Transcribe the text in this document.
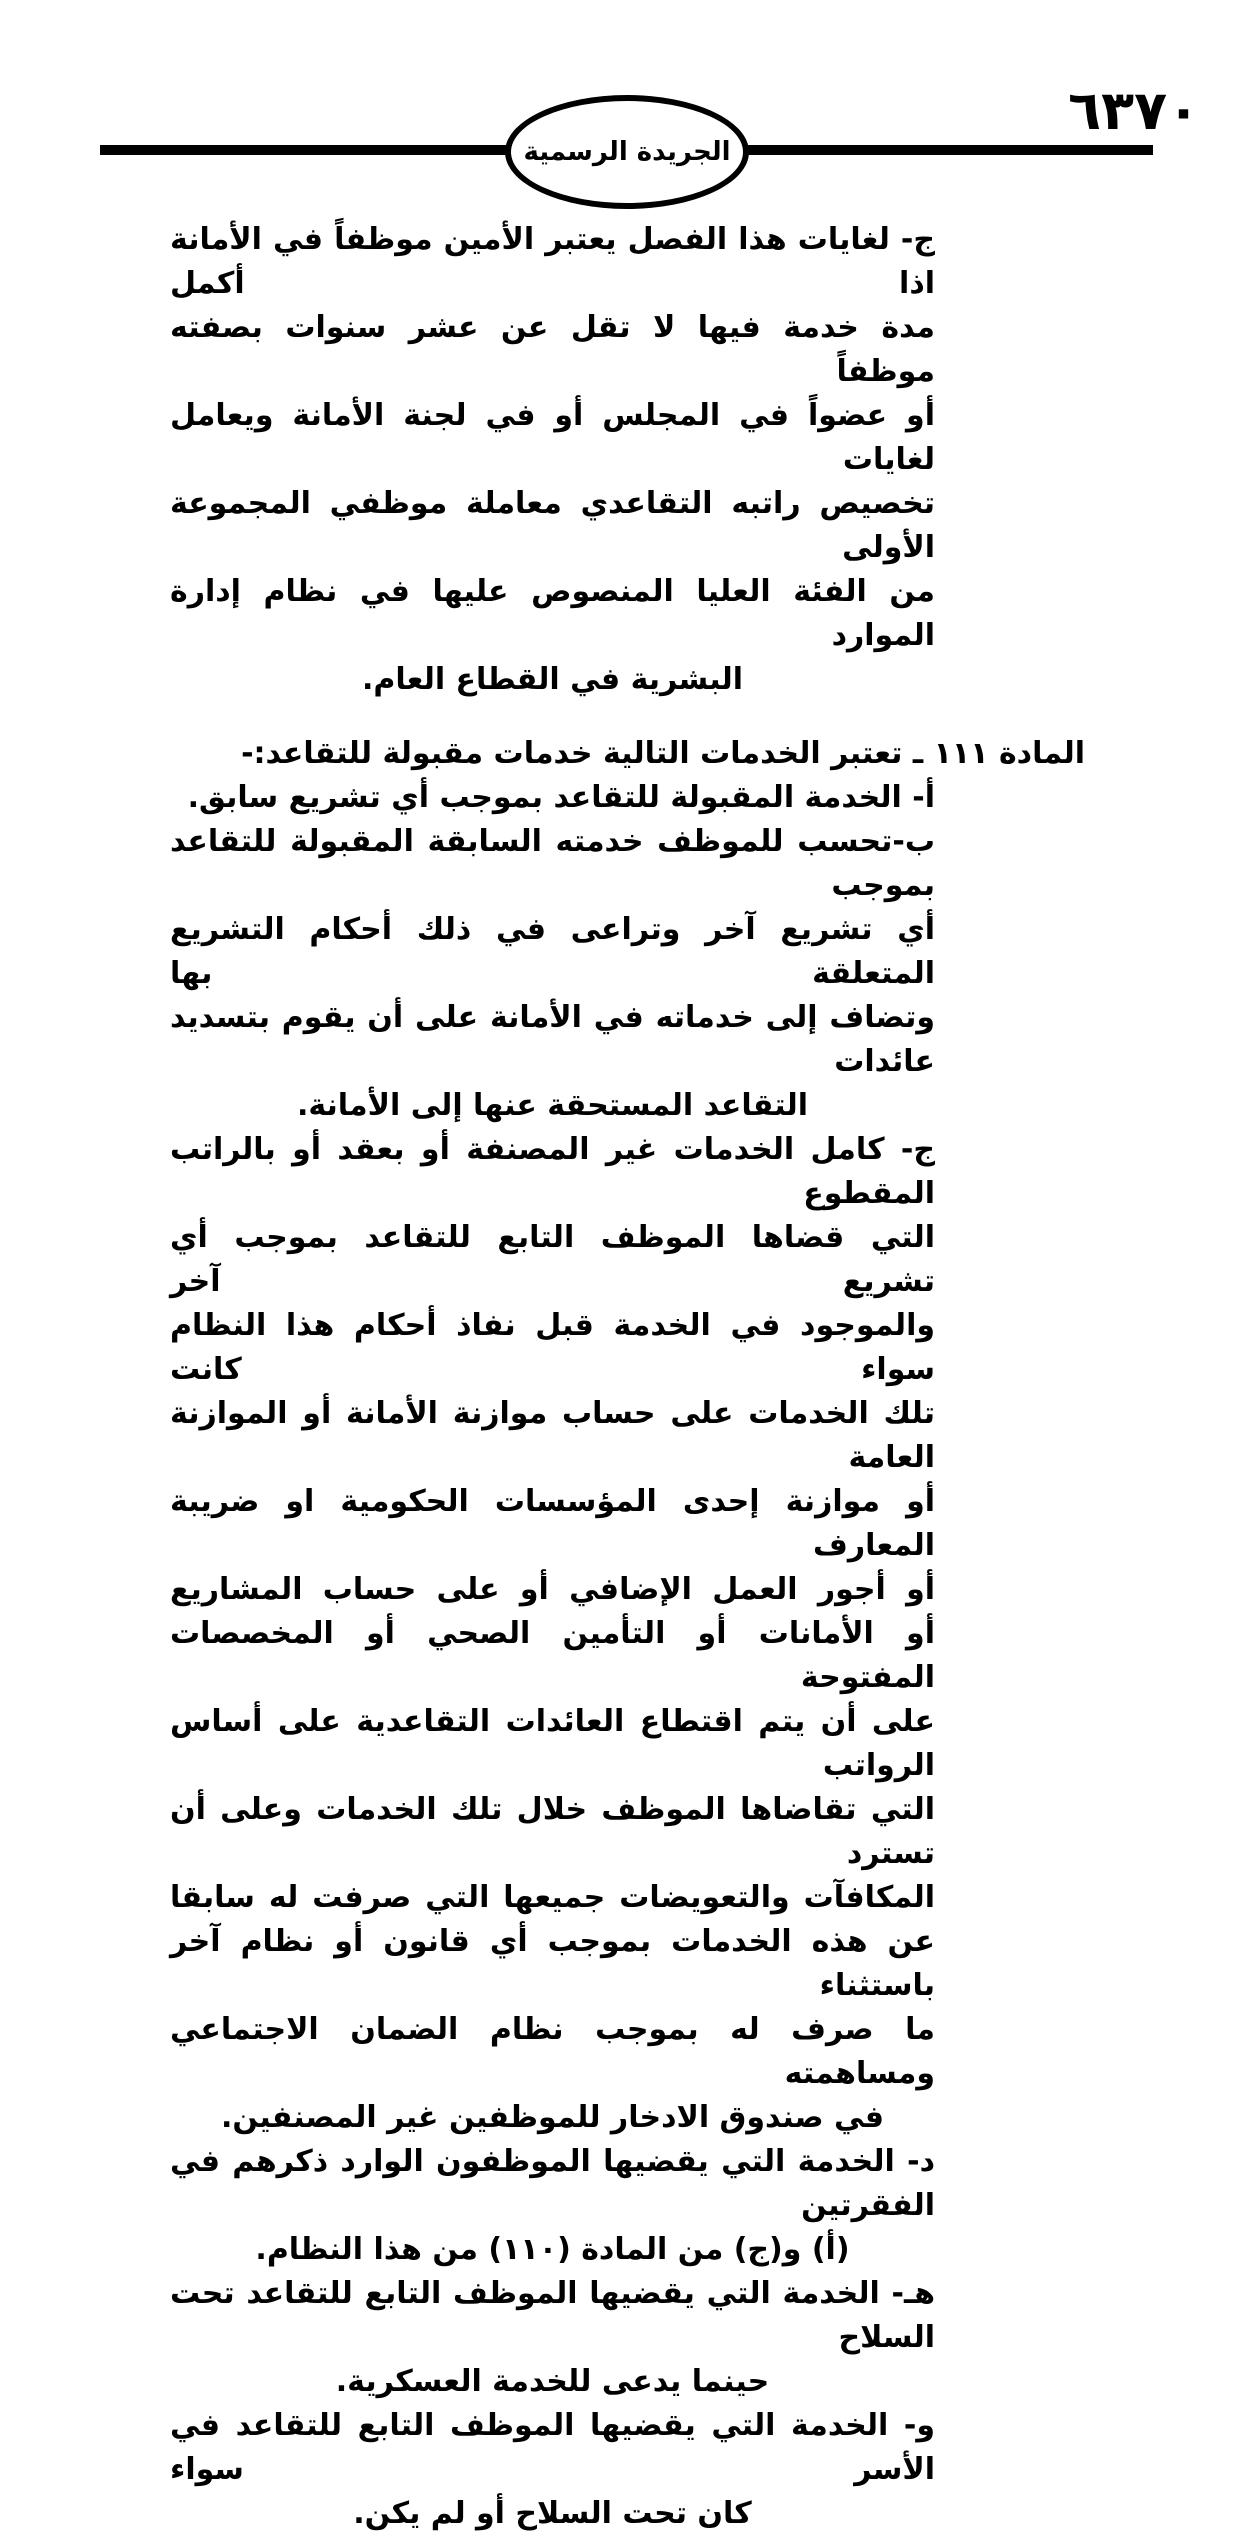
٦٣٧٠
الجريدة الرسمية
ج- لغايات هذا الفصل يعتبر الأمين موظفاً في الأمانة اذا أكمل
مدة خدمة فيها لا تقل عن عشر سنوات بصفته موظفاً
أو عضواً في المجلس أو في لجنة الأمانة ويعامل لغايات
تخصيص راتبه التقاعدي معاملة موظفي المجموعة الأولى
من الفئة العليا المنصوص عليها في نظام إدارة الموارد
البشرية في القطاع العام.
المادة ١١١ ـ تعتبر الخدمات التالية خدمات مقبولة للتقاعد:-
أ- الخدمة المقبولة للتقاعد بموجب أي تشريع سابق.
ب-تحسب للموظف خدمته السابقة المقبولة للتقاعد بموجب
أي تشريع آخر وتراعى في ذلك أحكام التشريع المتعلقة بها
وتضاف إلى خدماته في الأمانة على أن يقوم بتسديد عائدات
التقاعد المستحقة عنها إلى الأمانة.
ج- كامل الخدمات غير المصنفة أو بعقد أو بالراتب المقطوع
التي قضاها الموظف التابع للتقاعد بموجب أي تشريع آخر
والموجود في الخدمة قبل نفاذ أحكام هذا النظام سواء كانت
تلك الخدمات على حساب موازنة الأمانة أو الموازنة العامة
أو موازنة إحدى المؤسسات الحكومية او ضريبة المعارف
أو أجور العمل الإضافي أو على حساب المشاريع
أو الأمانات أو التأمين الصحي أو المخصصات المفتوحة
على أن يتم اقتطاع العائدات التقاعدية على أساس الرواتب
التي تقاضاها الموظف خلال تلك الخدمات وعلى أن تسترد
المكافآت والتعويضات جميعها التي صرفت له سابقا
عن هذه الخدمات بموجب أي قانون أو نظام آخر باستثناء
ما صرف له بموجب نظام الضمان الاجتماعي ومساهمته
في صندوق الادخار للموظفين غير المصنفين.
د- الخدمة التي يقضيها الموظفون الوارد ذكرهم في الفقرتين
(أ) و(ج) من المادة (١١٠) من هذا النظام.
هـ- الخدمة التي يقضيها الموظف التابع للتقاعد تحت السلاح
حينما يدعى للخدمة العسكرية.
و- الخدمة التي يقضيها الموظف التابع للتقاعد في الأسر سواء
كان تحت السلاح أو لم يكن.
